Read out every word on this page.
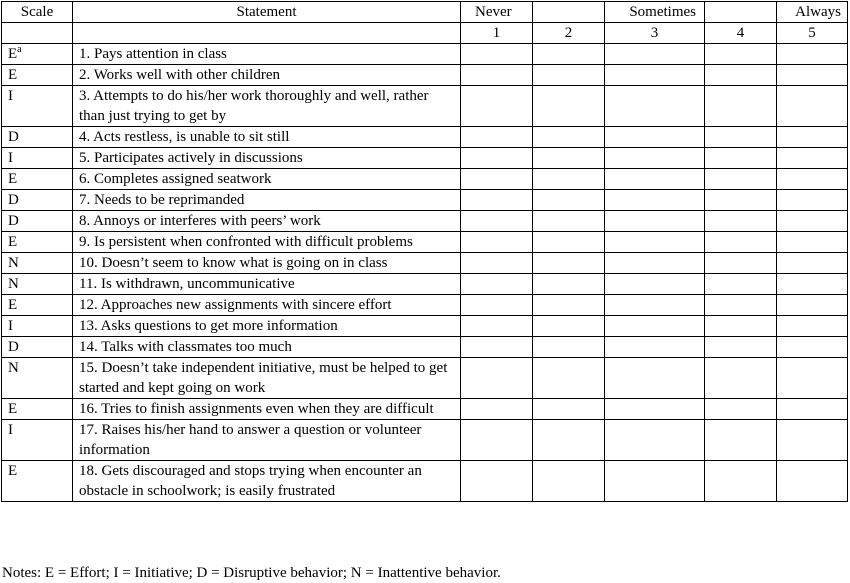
Scale	Statement	Never		Sometimes		Always
		1	2	3	4	5
E$^a$	1. Pays attention in class					
E	2. Works well with other children					
I	3. Attempts to do his/her work thoroughly and well, rather than just trying to get by					
D	4. Acts restless, is unable to sit still					
I	5. Participates actively in discussions					
E	6. Completes assigned seatwork					
D	7. Needs to be reprimanded					
D	8. Annoys or interferes with peers’ work					
E	9. Is persistent when confronted with difficult problems					
N	10. Doesn’t seem to know what is going on in class					
N	11. Is withdrawn, uncommunicative					
E	12. Approaches new assignments with sincere effort					
I	13. Asks questions to get more information					
D	14. Talks with classmates too much					
N	15. Doesn’t take independent initiative, must be helped to get started and kept going on work					
E	16. Tries to finish assignments even when they are difficult					
I	17. Raises his/her hand to answer a question or volunteer information					
E	18. Gets discouraged and stops trying when encounter an obstacle in schoolwork; is easily frustrated					
Notes: E = Effort; I = Initiative; D = Disruptive behavior; N = Inattentive behavior.
